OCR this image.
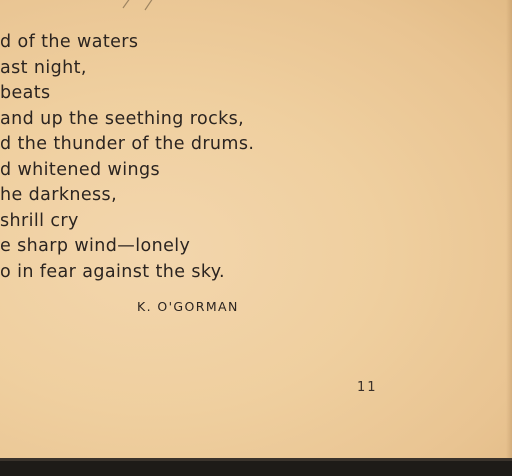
d of the waters
ast night,
beats
and up the seething rocks,
d the thunder of the drums.
d whitened wings
he darkness,
shrill cry
e sharp wind—lonely
o in fear against the sky.
K. O'GORMAN
11
